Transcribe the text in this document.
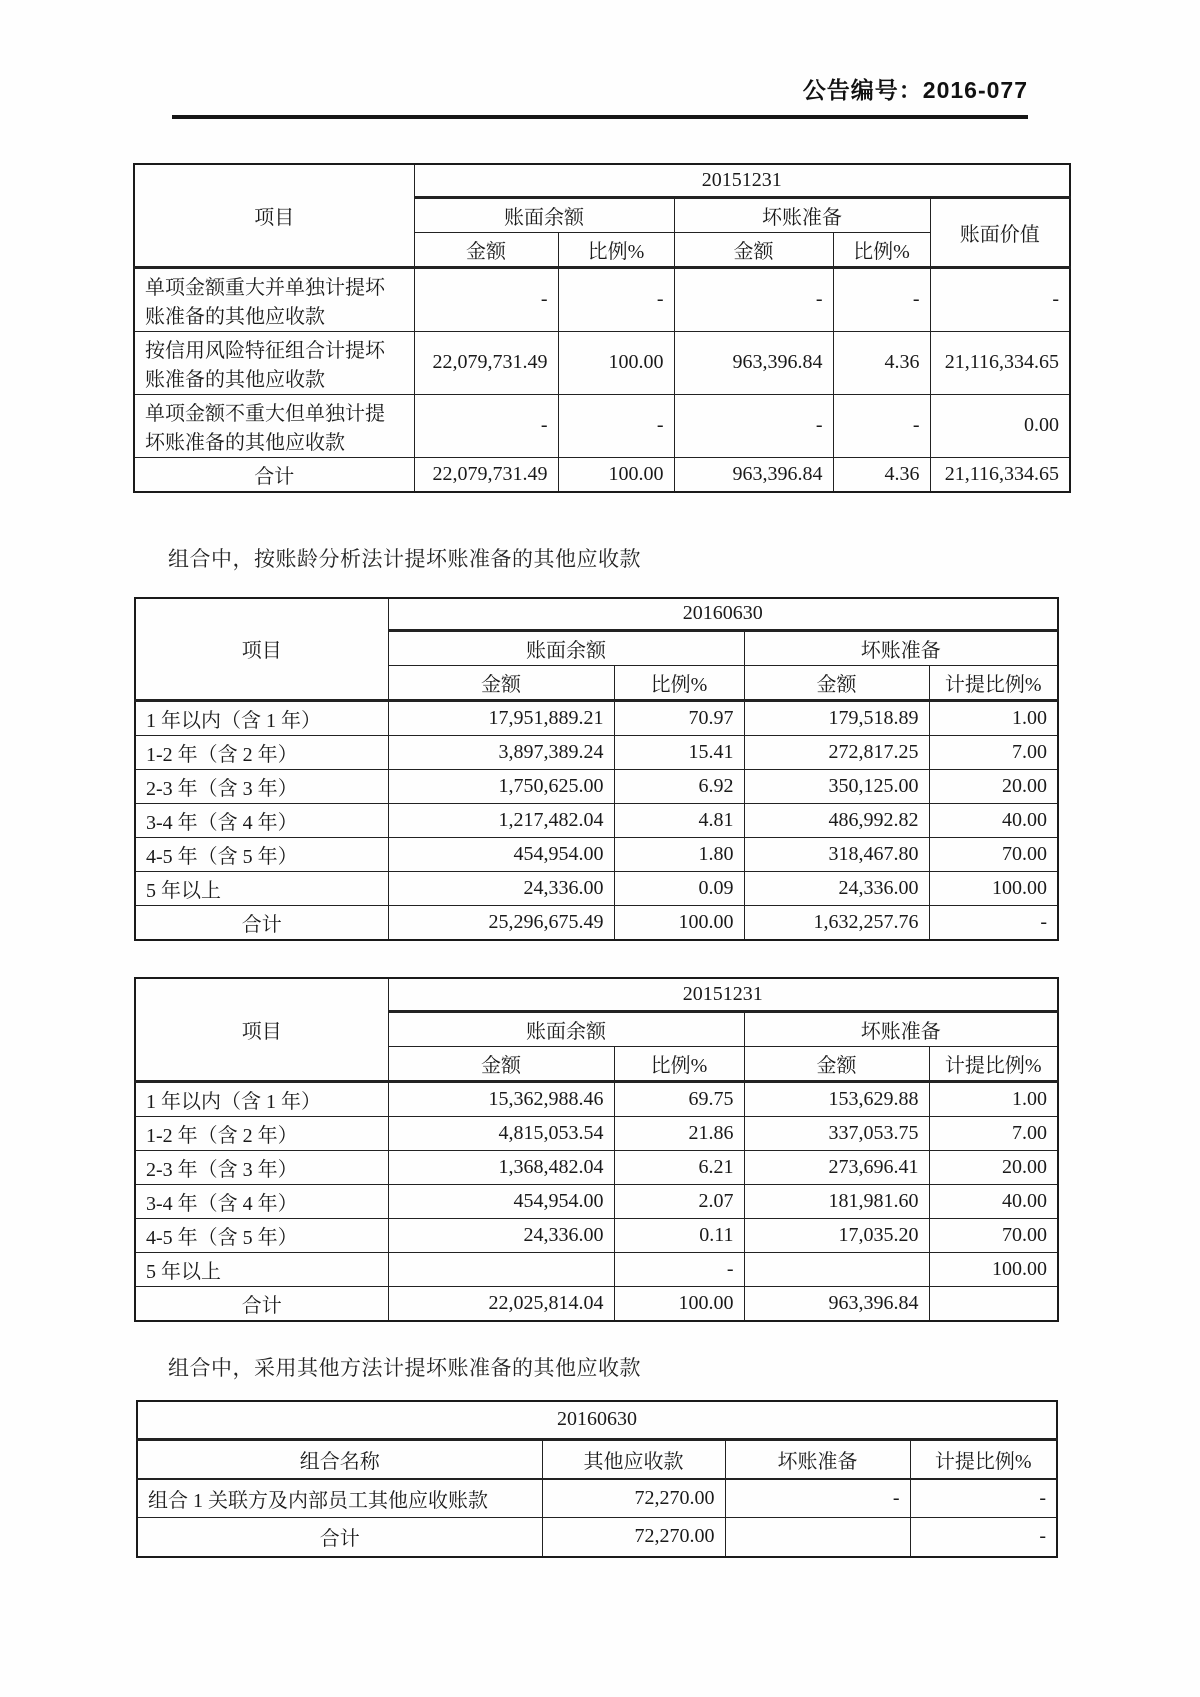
公告编号：2016-077
项目	20151231				
	账面余额		坏账准备		账面价值
	金额	比例%	金额	比例%	
单项金额重大并单独计提坏账准备的其他应收款	-	-	-	-	-
按信用风险特征组合计提坏账准备的其他应收款	22,079,731.49	100.00	963,396.84	4.36	21,116,334.65
单项金额不重大但单独计提坏账准备的其他应收款	-	-	-	-	0.00
合计	22,079,731.49	100.00	963,396.84	4.36	21,116,334.65

组合中，按账龄分析法计提坏账准备的其他应收款

项目	20160630			
	账面余额		坏账准备	
	金额	比例%	金额	计提比例%
1 年以内（含 1 年）	17,951,889.21	70.97	179,518.89	1.00
1-2 年（含 2 年）	3,897,389.24	15.41	272,817.25	7.00
2-3 年（含 3 年）	1,750,625.00	6.92	350,125.00	20.00
3-4 年（含 4 年）	1,217,482.04	4.81	486,992.82	40.00
4-5 年（含 5 年）	454,954.00	1.80	318,467.80	70.00
5 年以上	24,336.00	0.09	24,336.00	100.00
合计	25,296,675.49	100.00	1,632,257.76	-
项目	20151231			
	账面余额		坏账准备	
	金额	比例%	金额	计提比例%
1 年以内（含 1 年）	15,362,988.46	69.75	153,629.88	1.00
1-2 年（含 2 年）	4,815,053.54	21.86	337,053.75	7.00
2-3 年（含 3 年）	1,368,482.04	6.21	273,696.41	20.00
3-4 年（含 4 年）	454,954.00	2.07	181,981.60	40.00
4-5 年（含 5 年）	24,336.00	0.11	17,035.20	70.00
5 年以上		-		100.00
合计	22,025,814.04	100.00	963,396.84	

组合中，采用其他方法计提坏账准备的其他应收款

20160630			
组合名称	其他应收款	坏账准备	计提比例%
组合 1 关联方及内部员工其他应收账款	72,270.00	-	-
合计	72,270.00		-
